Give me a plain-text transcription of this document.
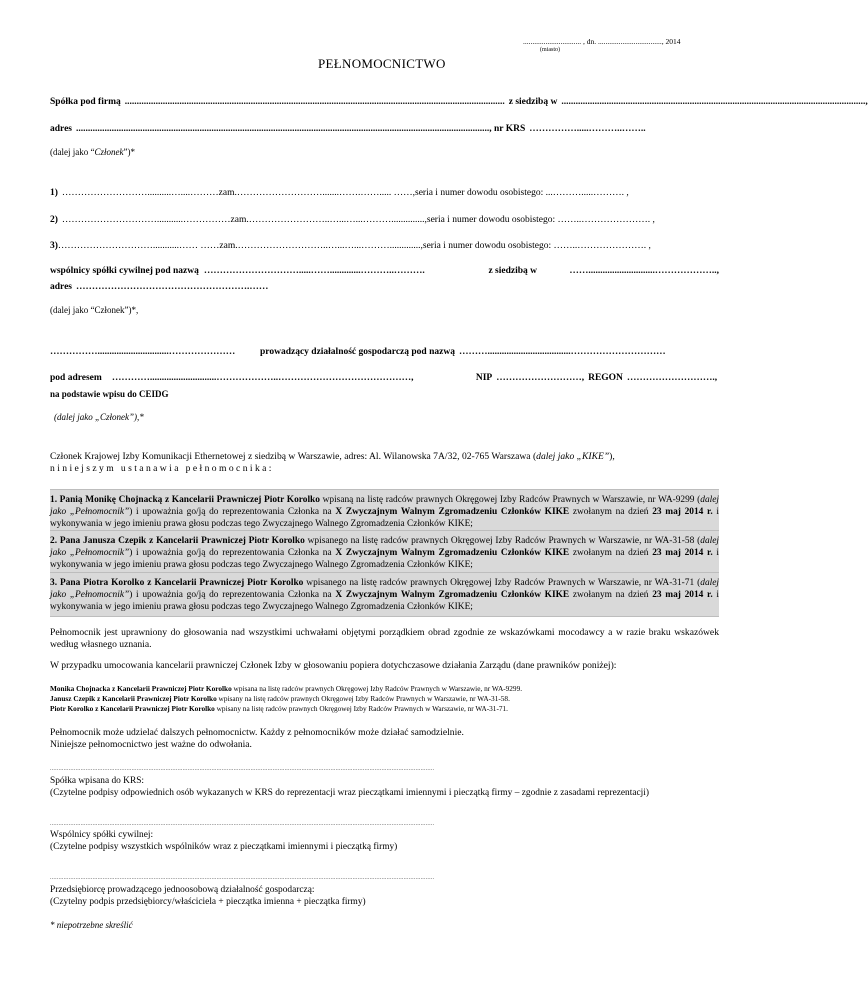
............................... , dn. .................................., 2014
(miasto)
PEŁNOMOCNICTWO
Spółka pod firmą ................................................................................................................................................................ z siedzibą w ................................................................................................................................ ,
adres .............................................................................................................................................................................. , nr KRS …………….....………..……..
(dalej jako “Członek”)*
1) ………………………..........…....……… zam. ……………………….......…….……..... ……, seria i numer dowodu osobistego: ...……….....………. ,
2) …………………………...........…………… zam. ……………………..…...…...……….............., seria i numer dowodu osobistego: ……..…………………. ,
3) …………………………...........…… …… zam. ………………………..…...…...………............., seria i numer dowodu osobistego: ……..…………………. ,
wspólnicy spółki cywilnej pod nazwą ………………………….....…….............………..……….	z siedzibą w	……............................………………..,
adres ……………………………………………….……
(dalej jako “Członek”)*,
……………..............................…………………	prowadzący działalność gospodarczą pod nazwą ………...................................…………………………
pod adresem	…………............................………………..……………………………………,	NIP ………………………, REGON ……………………….,
na podstawie wpisu do CEIDG
(dalej jako „Członek”),*
Członek Krajowej Izby Komunikacji Ethernetowej z siedzibą w Warszawie, adres: Al. Wilanowska 7A/32, 02-765 Warszawa (dalej jako „KIKE”),
niniejszym ustanawia pełnomocnika:
1. Panią Monikę Chojnacką z Kancelarii Prawniczej Piotr Korolko wpisaną na listę radców prawnych Okręgowej Izby Radców Prawnych w Warszawie, nr WA-9299 (dalej jako „Pełnomocnik”) i upoważnia go/ją do reprezentowania Członka na X Zwyczajnym Walnym Zgromadzeniu Członków KIKE zwołanym na dzień 23 maj 2014 r. i wykonywania w jego imieniu prawa głosu podczas tego Zwyczajnego Walnego Zgromadzenia Członków KIKE;
2. Pana Janusza Czepik z Kancelarii Prawniczej Piotr Korolko wpisanego na listę radców prawnych Okręgowej Izby Radców Prawnych w Warszawie, nr WA-31-58 (dalej jako „Pełnomocnik”) i upoważnia go/ją do reprezentowania Członka na X Zwyczajnym Walnym Zgromadzeniu Członków KIKE zwołanym na dzień 23 maj 2014 r. i wykonywania w jego imieniu prawa głosu podczas tego Zwyczajnego Walnego Zgromadzenia Członków KIKE;
3. Pana Piotra Korolko z Kancelarii Prawniczej Piotr Korolko wpisanego na listę radców prawnych Okręgowej Izby Radców Prawnych w Warszawie, nr WA-31-71 (dalej jako „Pełnomocnik”) i upoważnia go/ją do reprezentowania Członka na X Zwyczajnym Walnym Zgromadzeniu Członków KIKE zwołanym na dzień 23 maj 2014 r. i wykonywania w jego imieniu prawa głosu podczas tego Zwyczajnego Walnego Zgromadzenia Członków KIKE;
Pełnomocnik jest uprawniony do głosowania nad wszystkimi uchwałami objętymi porządkiem obrad zgodnie ze wskazówkami mocodawcy a w razie braku wskazówek według własnego uznania.
W przypadku umocowania kancelarii prawniczej Członek Izby w głosowaniu popiera dotychczasowe działania Zarządu (dane prawników poniżej):
Monika Chojnacka z Kancelarii Prawniczej Piotr Korolko wpisana na listę radców prawnych Okręgowej Izby Radców Prawnych w Warszawie, nr WA-9299.
Janusz Czepik z Kancelarii Prawniczej Piotr Korolko wpisany na listę radców prawnych Okręgowej Izby Radców Prawnych w Warszawie, nr WA-31-58.
Piotr Korolko z Kancelarii Prawniczej Piotr Korolko wpisany na listę radców prawnych Okręgowej Izby Radców Prawnych w Warszawie, nr WA-31-71.
Pełnomocnik może udzielać dalszych pełnomocnictw. Każdy z pełnomocników może działać samodzielnie.
Niniejsze pełnomocnictwo jest ważne do odwołania.
..................................................................................................................................................................................................................................
Spółka wpisana do KRS:
(Czytelne podpisy odpowiednich osób wykazanych w KRS do reprezentacji wraz pieczątkami imiennymi i pieczątką firmy – zgodnie z zasadami reprezentacji)
..................................................................................................................................................................................................................................
Wspólnicy spółki cywilnej:
(Czytelne podpisy wszystkich wspólników wraz z pieczątkami imiennymi i pieczątką firmy)
..................................................................................................................................................................................................................................
Przedsiębiorcę prowadzącego jednoosobową działalność gospodarczą:
(Czytelny podpis przedsiębiorcy/właściciela + pieczątka imienna + pieczątka firmy)
* niepotrzebne skreślić
